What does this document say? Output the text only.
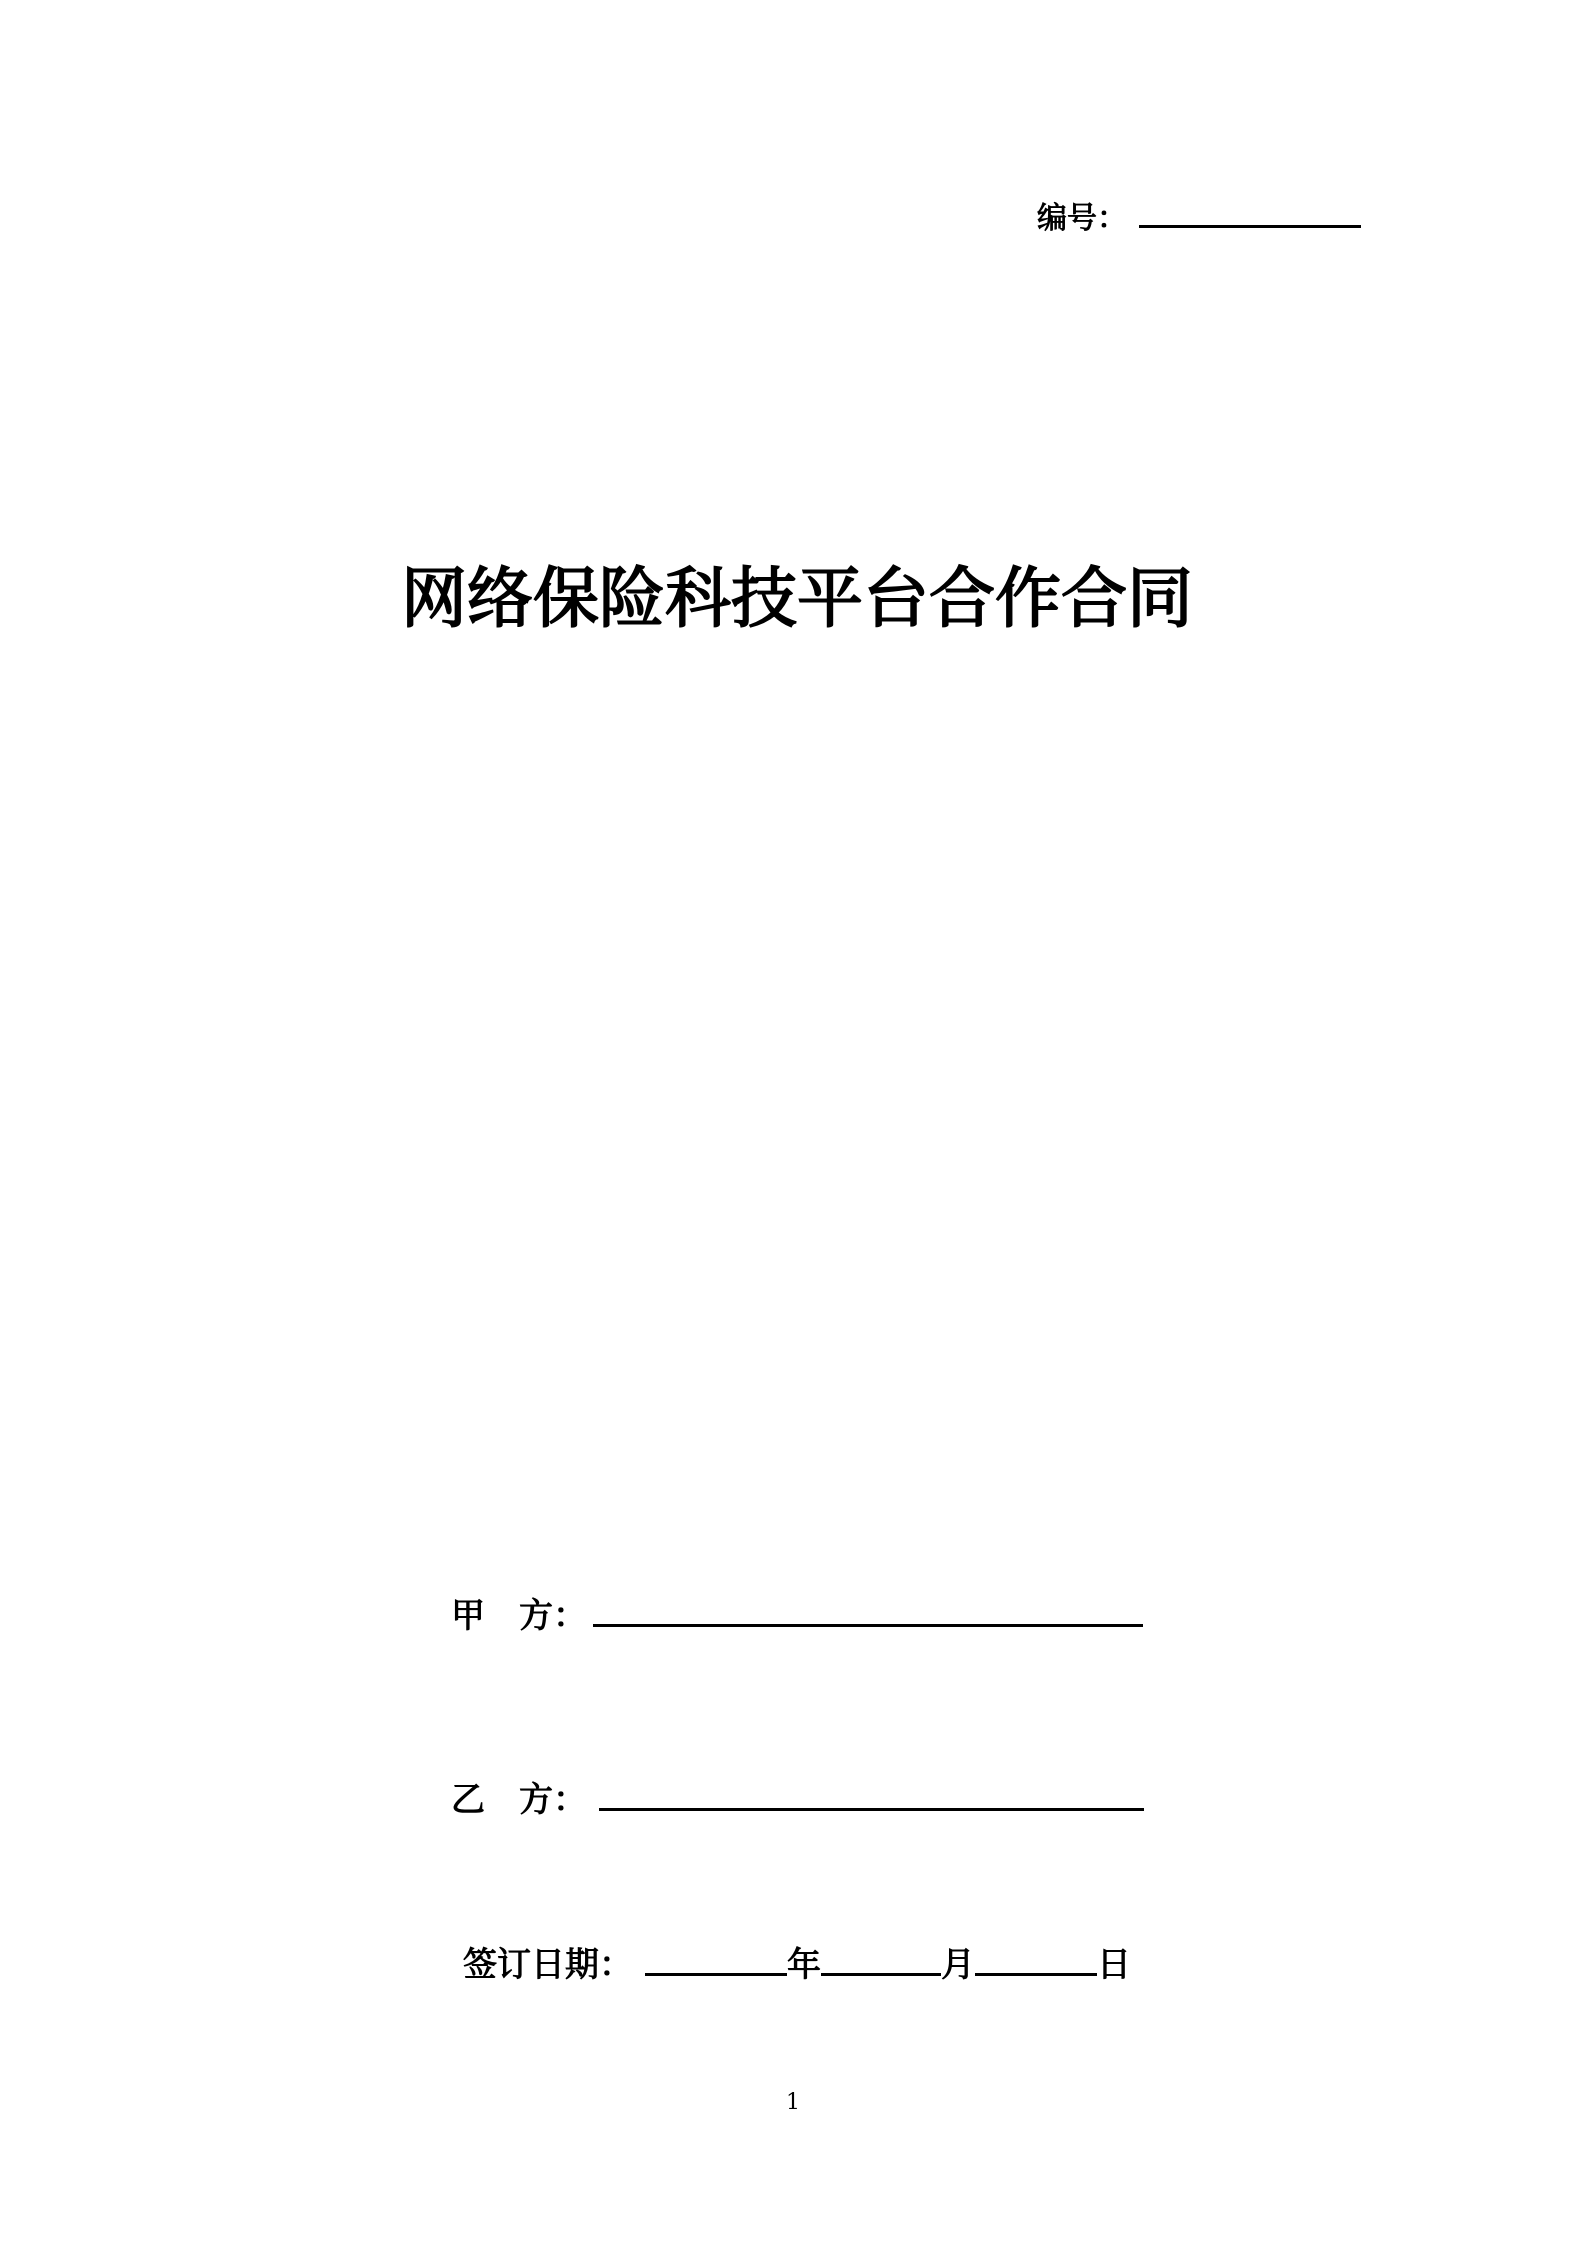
编号：
网络保险科技平台合作合同
甲　方：
乙　方：
签订日期：	年	月	日
1
